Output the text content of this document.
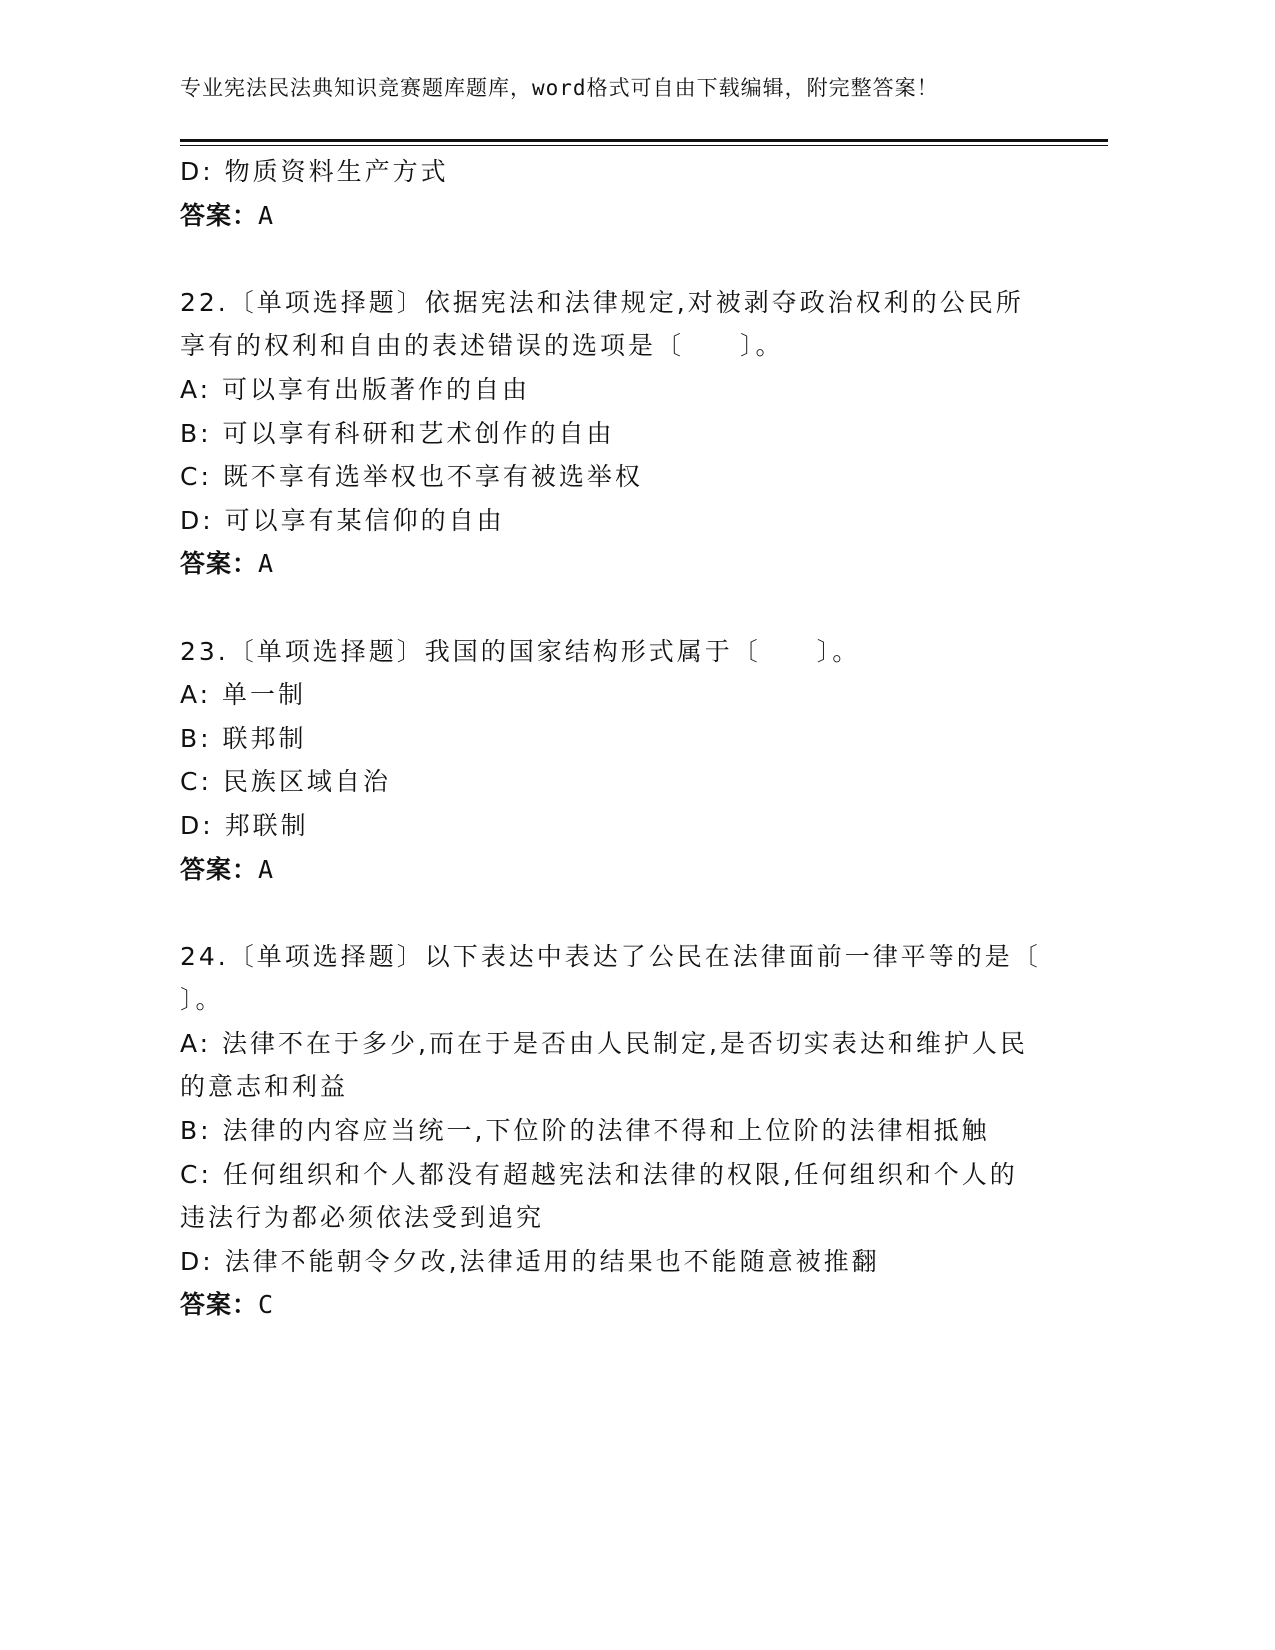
专业宪法民法典知识竞赛题库题库，word格式可自由下载编辑，附完整答案！
D: 物质资料生产方式
答案：A
22.〔单项选择题〕依据宪法和法律规定,对被剥夺政治权利的公民所
享有的权利和自由的表述错误的选项是〔　　〕。
A: 可以享有出版著作的自由
B: 可以享有科研和艺术创作的自由
C: 既不享有选举权也不享有被选举权
D: 可以享有某信仰的自由
答案：A
23.〔单项选择题〕我国的国家结构形式属于〔　　〕。
A: 单一制
B: 联邦制
C: 民族区域自治
D: 邦联制
答案：A
24.〔单项选择题〕以下表达中表达了公民在法律面前一律平等的是〔
〕。
A: 法律不在于多少,而在于是否由人民制定,是否切实表达和维护人民
的意志和利益
B: 法律的内容应当统一,下位阶的法律不得和上位阶的法律相抵触
C: 任何组织和个人都没有超越宪法和法律的权限,任何组织和个人的
违法行为都必须依法受到追究
D: 法律不能朝令夕改,法律适用的结果也不能随意被推翻
答案：C
